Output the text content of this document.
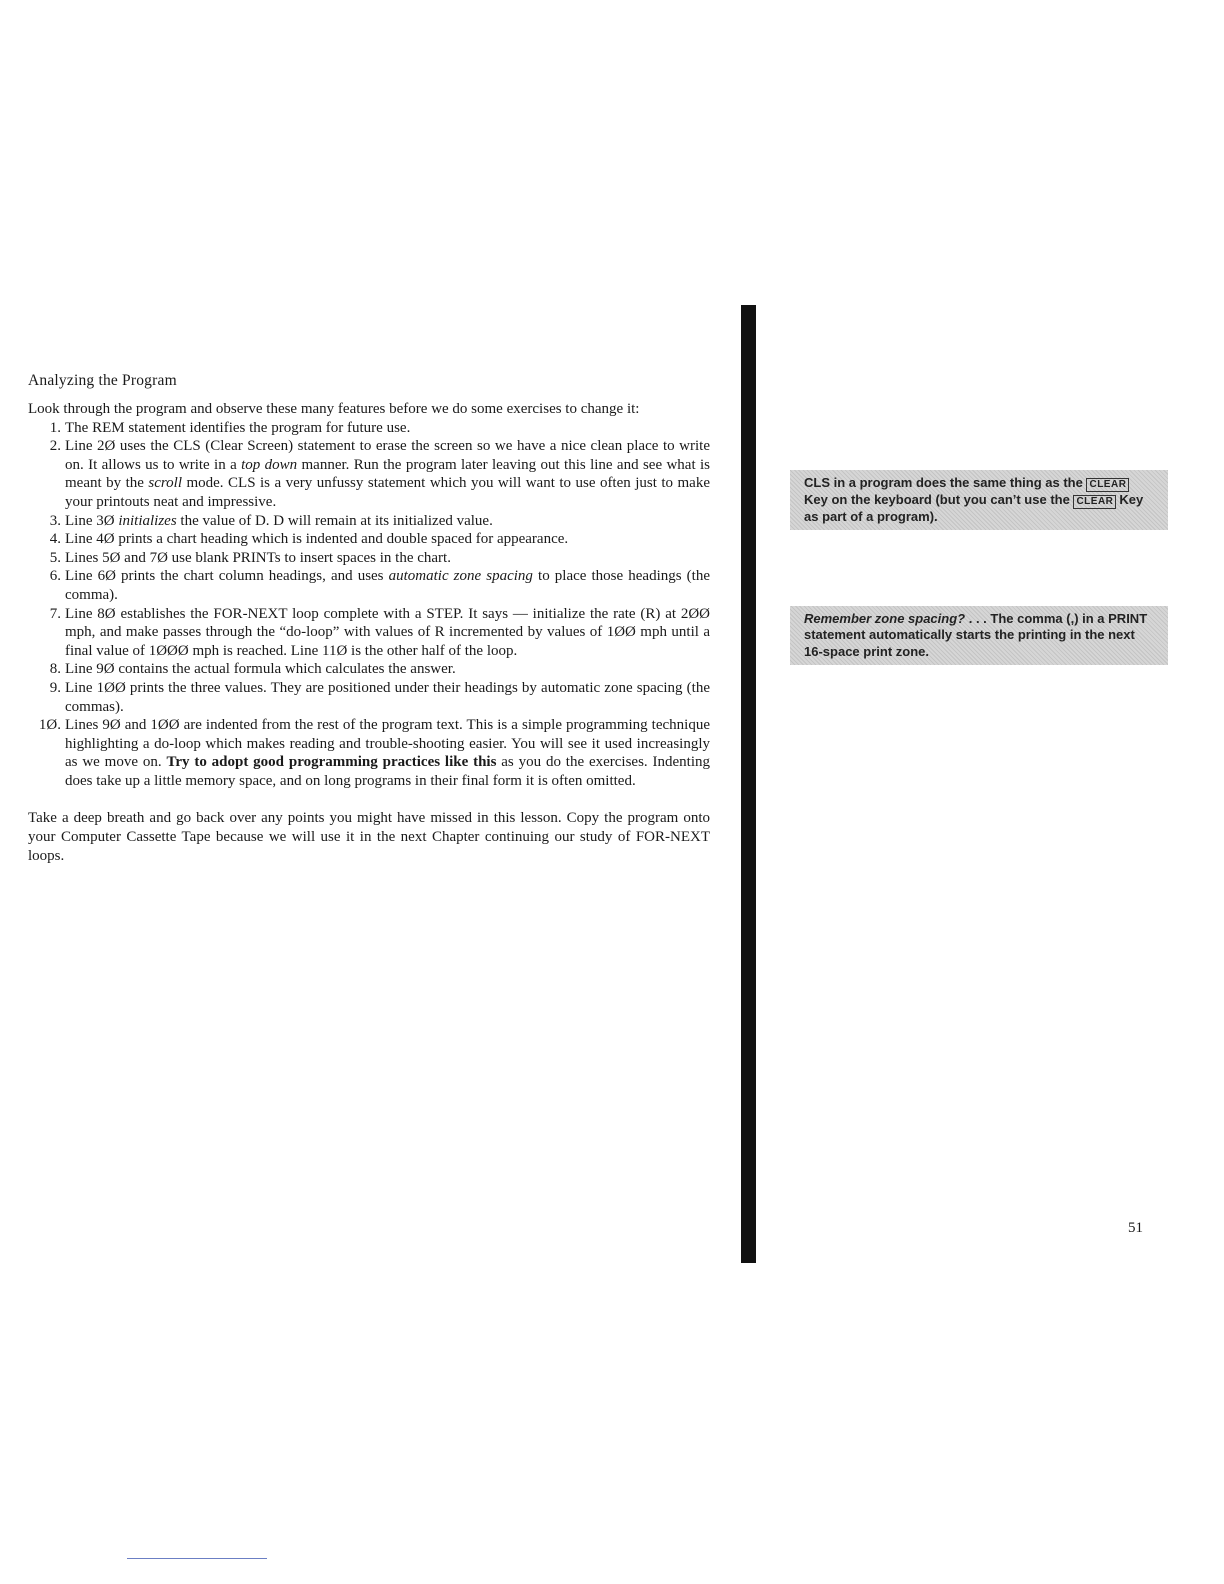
Analyzing the Program

Look through the program and observe these many features before we do some exercises to change it:

1. The REM statement identifies the program for future use.
2. Line 2Ø uses the CLS (Clear Screen) statement to erase the screen so we have a nice clean place to write on. It allows us to write in a top down manner. Run the program later leaving out this line and see what is meant by the scroll mode. CLS is a very unfussy statement which you will want to use often just to make your printouts neat and impressive.
3. Line 3Ø initializes the value of D. D will remain at its initialized value.
4. Line 4Ø prints a chart heading which is indented and double spaced for appearance.
5. Lines 5Ø and 7Ø use blank PRINTs to insert spaces in the chart.
6. Line 6Ø prints the chart column headings, and uses automatic zone spacing to place those headings (the comma).
7. Line 8Ø establishes the FOR-NEXT loop complete with a STEP. It says — initialize the rate (R) at 2ØØ mph, and make passes through the “do-loop” with values of R incremented by values of 1ØØ mph until a final value of 1ØØØ mph is reached. Line 11Ø is the other half of the loop.
8. Line 9Ø contains the actual formula which calculates the answer.
9. Line 1ØØ prints the three values. They are positioned under their headings by automatic zone spacing (the commas).
1Ø. Lines 9Ø and 1ØØ are indented from the rest of the program text. This is a simple programming technique highlighting a do-loop which makes reading and trouble-shooting easier. You will see it used increasingly as we move on. Try to adopt good programming practices like this as you do the exercises. Indenting does take up a little memory space, and on long programs in their final form it is often omitted.

Take a deep breath and go back over any points you might have missed in this lesson. Copy the program onto your Computer Cassette Tape because we will use it in the next Chapter continuing our study of FOR-NEXT loops.

CLS in a program does the same thing as the CLEARKey on the keyboard (but you can’t use the CLEAR Key as part of a program).
Remember zone spacing? . . . The comma (,) in a PRINT statement automatically starts the printing in the next 16-space print zone.
51
